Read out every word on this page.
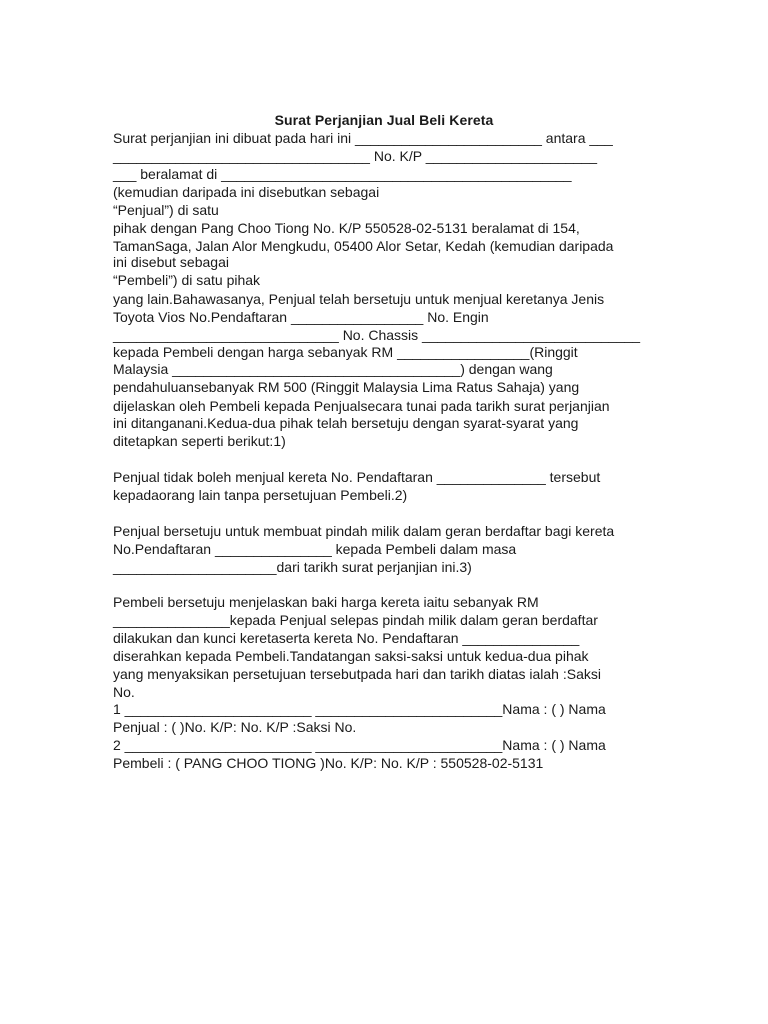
Surat Perjanjian Jual Beli Kereta
Surat perjanjian ini dibuat pada hari ini ________________________ antara ___
_________________________________ No. K/P ______________________
___ beralamat di _____________________________________________
(kemudian daripada ini disebutkan sebagai
“Penjual”) di satu
pihak dengan Pang Choo Tiong No. K/P 550528-02-5131 beralamat di 154,
TamanSaga, Jalan Alor Mengkudu, 05400 Alor Setar, Kedah (kemudian daripada
ini disebut sebagai
“Pembeli”) di satu pihak
yang lain.Bahawasanya, Penjual telah bersetuju untuk menjual keretanya Jenis
Toyota Vios No.Pendaftaran _________________ No. Engin
_____________________________ No. Chassis ____________________________
kepada Pembeli dengan harga sebanyak RM _________________(Ringgit
Malaysia _____________________________________) dengan wang
pendahuluansebanyak RM 500 (Ringgit Malaysia Lima Ratus Sahaja) yang
dijelaskan oleh Pembeli kepada Penjualsecara tunai pada tarikh surat perjanjian
ini ditanganani.Kedua-dua pihak telah bersetuju dengan syarat-syarat yang
ditetapkan seperti berikut:1)
Penjual tidak boleh menjual kereta No. Pendaftaran ______________ tersebut
kepadaorang lain tanpa persetujuan Pembeli.2)
Penjual bersetuju untuk membuat pindah milik dalam geran berdaftar bagi kereta
No.Pendaftaran _______________ kepada Pembeli dalam masa
_____________________dari tarikh surat perjanjian ini.3)
Pembeli bersetuju menjelaskan baki harga kereta iaitu sebanyak RM
_______________kepada Penjual selepas pindah milik dalam geran berdaftar
dilakukan dan kunci keretaserta kereta No. Pendaftaran _______________
diserahkan kepada Pembeli.Tandatangan saksi-saksi untuk kedua-dua pihak
yang menyaksikan persetujuan tersebutpada hari dan tarikh diatas ialah :Saksi
No.
1 ________________________ ________________________Nama : ( ) Nama
Penjual : ( )No. K/P: No. K/P :Saksi No.
2 ________________________ ________________________Nama : ( ) Nama
Pembeli : ( PANG CHOO TIONG )No. K/P: No. K/P : 550528-02-5131
